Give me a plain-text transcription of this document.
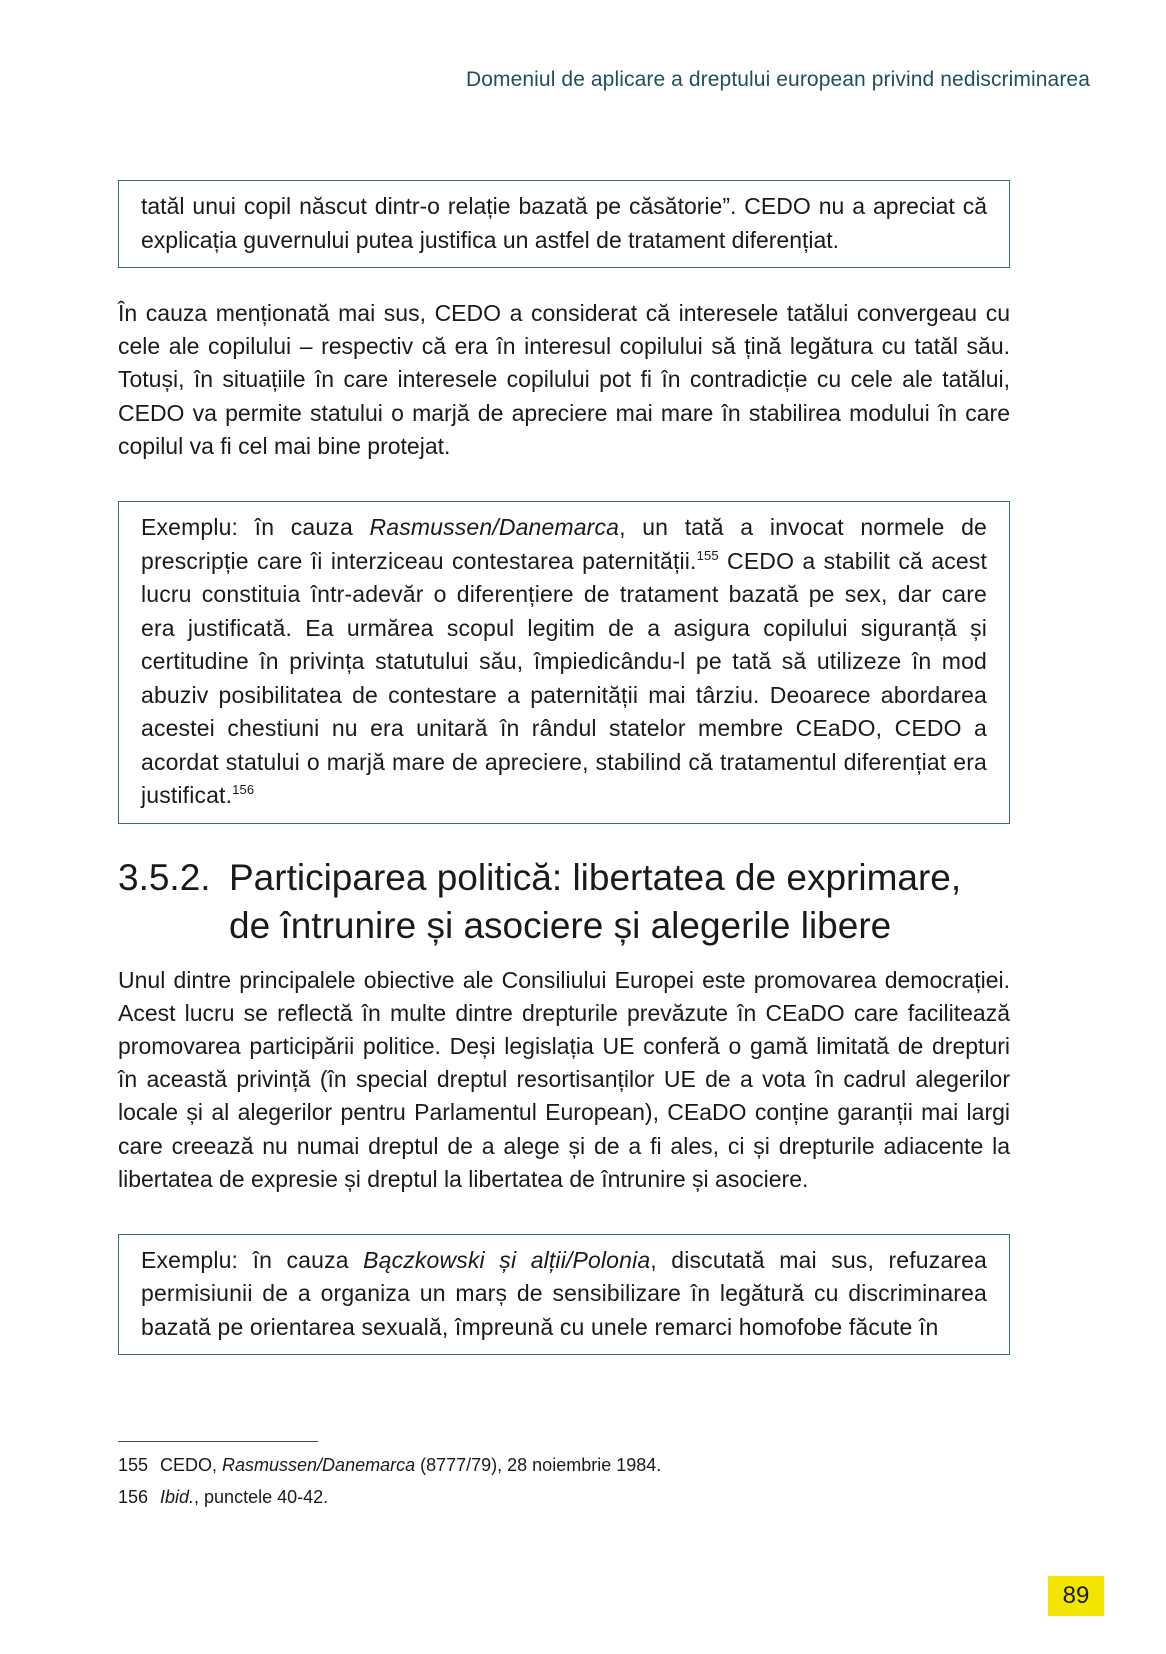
Domeniul de aplicare a dreptului european privind nediscriminarea
tatăl unui copil născut dintr-o relație bazată pe căsătorie”. CEDO nu a apreciat că explicația guvernului putea justifica un astfel de tratament diferențiat.

În cauza menționată mai sus, CEDO a considerat că interesele tatălui convergeau cu cele ale copilului – respectiv că era în interesul copilului să țină legătura cu tatăl său. Totuși, în situațiile în care interesele copilului pot fi în contradicție cu cele ale tatălui, CEDO va permite statului o marjă de apreciere mai mare în stabilirea modului în care copilul va fi cel mai bine protejat.

Exemplu: în cauza Rasmussen/Danemarca, un tată a invocat normele de prescripție care îi interziceau contestarea paternității.$^{155}$ CEDO a stabilit că acest lucru constituia într-adevăr o diferențiere de tratament bazată pe sex, dar care era justificată. Ea urmărea scopul legitim de a asigura copilului siguranță și certitudine în privința statutului său, împiedicându-l pe tată să utilizeze în mod abuziv posibilitatea de contestare a paternității mai târziu. Deoarece abordarea acestei chestiuni nu era unitară în rândul statelor membre CEaDO, CEDO a acordat statului o marjă mare de apreciere, stabilind că tratamentul diferențiat era justificat.$^{156}$
3.5.2. Participarea politică: libertatea de exprimare, de întrunire și asociere și alegerile libere

Unul dintre principalele obiective ale Consiliului Europei este promovarea democrației. Acest lucru se reflectă în multe dintre drepturile prevăzute în CEaDO care facilitează promovarea participării politice. Deși legislația UE conferă o gamă limitată de drepturi în această privință (în special dreptul resortisanților UE de a vota în cadrul alegerilor locale și al alegerilor pentru Parlamentul European), CEaDO conține garanții mai largi care creează nu numai dreptul de a alege și de a fi ales, ci și drepturile adiacente la libertatea de expresie și dreptul la libertatea de întrunire și asociere.

Exemplu: în cauza Bączkowski și alții/Polonia, discutată mai sus, refuzarea permisiunii de a organiza un marș de sensibilizare în legătură cu discriminarea bazată pe orientarea sexuală, împreună cu unele remarci homofobe făcute în
155 CEDO, Rasmussen/Danemarca (8777/79), 28 noiembrie 1984.
156 Ibid., punctele 40-42.
89
